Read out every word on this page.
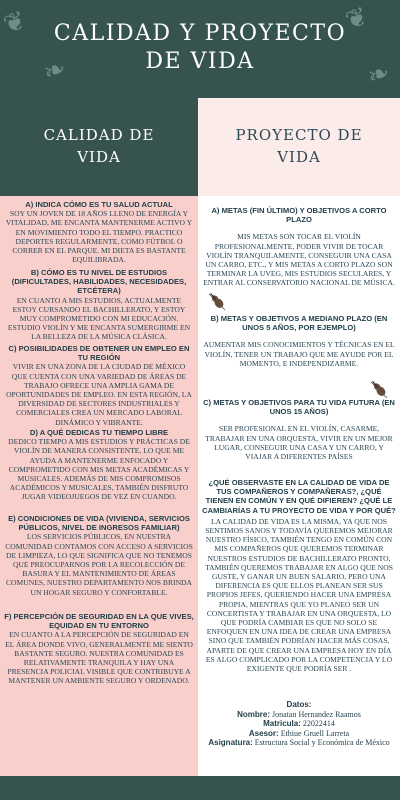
❦
❧
❦
❧
CALIDAD Y PROYECTO
DE VIDA
CALIDAD DE
VIDA
PROYECTO DE
VIDA
A) INDICA CÓMO ES TU SALUD ACTUAL
SOY UN JOVEN DE 18 AÑOS LLENO DE ENERGÍA Y VITALIDAD, ME ENCANTA MANTENERME ACTIVO Y EN MOVIMIENTO TODO EL TIEMPO. PRACTICO DEPORTES REGULARMENTE, COMO FÚTBOL O CORRER EN EL PARQUE. MI DIETA ES BASTANTE EQUILIBRADA.
B) CÓMO ES TU NIVEL DE ESTUDIOS (DIFICULTADES, HABILIDADES, NECESIDADES, ETCÉTERA)
EN CUANTO A MIS ESTUDIOS, ACTUALMENTE ESTOY CURSANDO EL BACHILLERATO, Y ESTOY MUY COMPROMETIDO CON MI EDUCACIÓN. ESTUDIO VIOLÍN Y ME ENCANTA SUMERGIRME EN LA BELLEZA DE LA MÚSICA CLÁSICA.
C) POSIBILIDADES DE OBTENER UN EMPLEO EN TU REGIÓN
VIVIR EN UNA ZONA DE LA CIUDAD DE MÉXICO QUE CUENTA CON UNA VARIEDAD DE ÁREAS DE TRABAJO OFRECE UNA AMPLIA GAMA DE OPORTUNIDADES DE EMPLEO. EN ESTA REGIÓN, LA DIVERSIDAD DE SECTORES INDUSTRIALES Y COMERCIALES CREA UN MERCADO LABORAL DINÁMICO Y VIBRANTE.
D) A QUÉ DEDICAS TU TIEMPO LIBRE
DEDICO TIEMPO A MIS ESTUDIOS Y PRÁCTICAS DE VIOLÍN DE MANERA CONSISTENTE, LO QUE ME AYUDA A MANTENERME ENFOCADO Y COMPROMETIDO CON MIS METAS ACADÉMICAS Y MUSICALES. ADEMÁS DE MIS COMPROMISOS ACADÉMICOS Y MUSICALES, TAMBIÉN DISFRUTO JUGAR VIDEOJUEGOS DE VEZ EN CUANDO.
E) CONDICIONES DE VIDA (VIVIENDA, SERVICIOS PÚBLICOS, NIVEL DE INGRESOS FAMILIAR)
LOS SERVICIOS PÚBLICOS, EN NUESTRA COMUNIDAD CONTAMOS CON ACCESO A SERVICIOS DE LIMPIEZA, LO QUE SIGNIFICA QUE NO TENEMOS QUE PREOCUPARNOS POR LA RECOLECCIÓN DE BASURA Y EL MANTENIMIENTO DE ÁREAS COMUNES, NUESTRO DEPARTAMENTO NOS BRINDA UN HOGAR SEGURO Y CONFORTABLE.
F) PERCEPCIÓN DE SEGURIDAD EN LA QUE VIVES, EQUIDAD EN TU ENTORNO
EN CUANTO A LA PERCEPCIÓN DE SEGURIDAD EN EL ÁREA DONDE VIVO, GENERALMENTE ME SIENTO BASTANTE SEGURO. NUESTRA COMUNIDAD ES RELATIVAMENTE TRANQUILA Y HAY UNA PRESENCIA POLICIAL VISIBLE QUE CONTRIBUYE A MANTENER UN AMBIENTE SEGURO Y ORDENADO.
A) METAS (FIN ÚLTIMO) Y OBJETIVOS A CORTO PLAZO
MIS METAS SON TOCAR EL VIOLÍN PROFESIONALMENTE, PODER VIVIR DE TOCAR VIOLÍN TRANQUILAMENTE, CONSEGUIR UNA CASA UN CARRO, ETC., Y MIS METAS A CORTO PLAZO SON TERMINAR LA UVEG, MIS ESTUDIOS SECULARES, Y ENTRAR AL CONSERVATORIO NACIONAL DE MÚSICA.
B) METAS Y OBJETIVOS A MEDIANO PLAZO (EN UNOS 5 AÑOS, POR EJEMPLO)
AUMENTAR MIS CONOCIMIENTOS Y TÉCNICAS EN EL VIOLÍN, TENER UN TRABAJO QUE ME AYUDE POR EL MOMENTO, E INDEPENDIZARME.
C) METAS Y OBJETIVOS PARA TU VIDA FUTURA (EN UNOS 15 AÑOS)
SER PROFESIONAL EN EL VIOLÍN, CASARME, TRABAJAR EN UNA ORQUESTA, VIVIR EN UN MEJOR LUGAR, CONSEGUIR UNA CASA Y UN CARRO, Y VIAJAR A DIFERENTES PAÍSES
¿QUÉ OBSERVASTE EN LA CALIDAD DE VIDA DE TUS COMPAÑEROS Y COMPAÑERAS?, ¿QUÉ TIENEN EN COMÚN Y EN QUÉ DIFIEREN? ¿QUÉ LE CAMBIARÍAS A TU PROYECTO DE VIDA Y POR QUÉ?
LA CALIDAD DE VIDA ES LA MISMA, YA QUE NOS SENTIMOS SANOS Y TODAVÍA QUEREMOS MEJORAR NUESTRO FÍSICO, TAMBIÉN TENGO EN COMÚN CON MIS COMPAÑEROS QUE QUEREMOS TERMINAR NUESTROS ESTUDIOS DE BACHILLERATO PRONTO, TAMBIÉN QUEREMOS TRABAJAR EN ALGO QUE NOS GUSTE, Y GANAR UN BUEN SALARIO, PERO UNA DIFERENCIA ES QUE ELLOS PLANEAN SER SUS PROPIOS JEFES, QUERIENDO HACER UNA EMPRESA PROPIA, MIENTRAS QUE YO PLANEO SER UN CONCERTISTA Y TRABAJAR EN UNA ORQUESTA, LO QUE PODRÍA CAMBIAR ES QUE NO SOLO SE ENFOQUEN EN UNA IDEA DE CREAR UNA EMPRESA SINO QUE TAMBIÉN PODRÍAN HACER MÁS COSAS, APARTE DE QUE CREAR UNA EMPRESA HOY EN DÍA ES ALGO COMPLICADO POR LA COMPETENCIA Y LO EXIGENTE QUE PODRÍA SER .
Datos:
Nombre: Jonatan Hernandez Raamos
Matricula: 22022414
Asesor: Ethiue Gruell Larreta
Asignatura: Estructura Social y Económica de México
